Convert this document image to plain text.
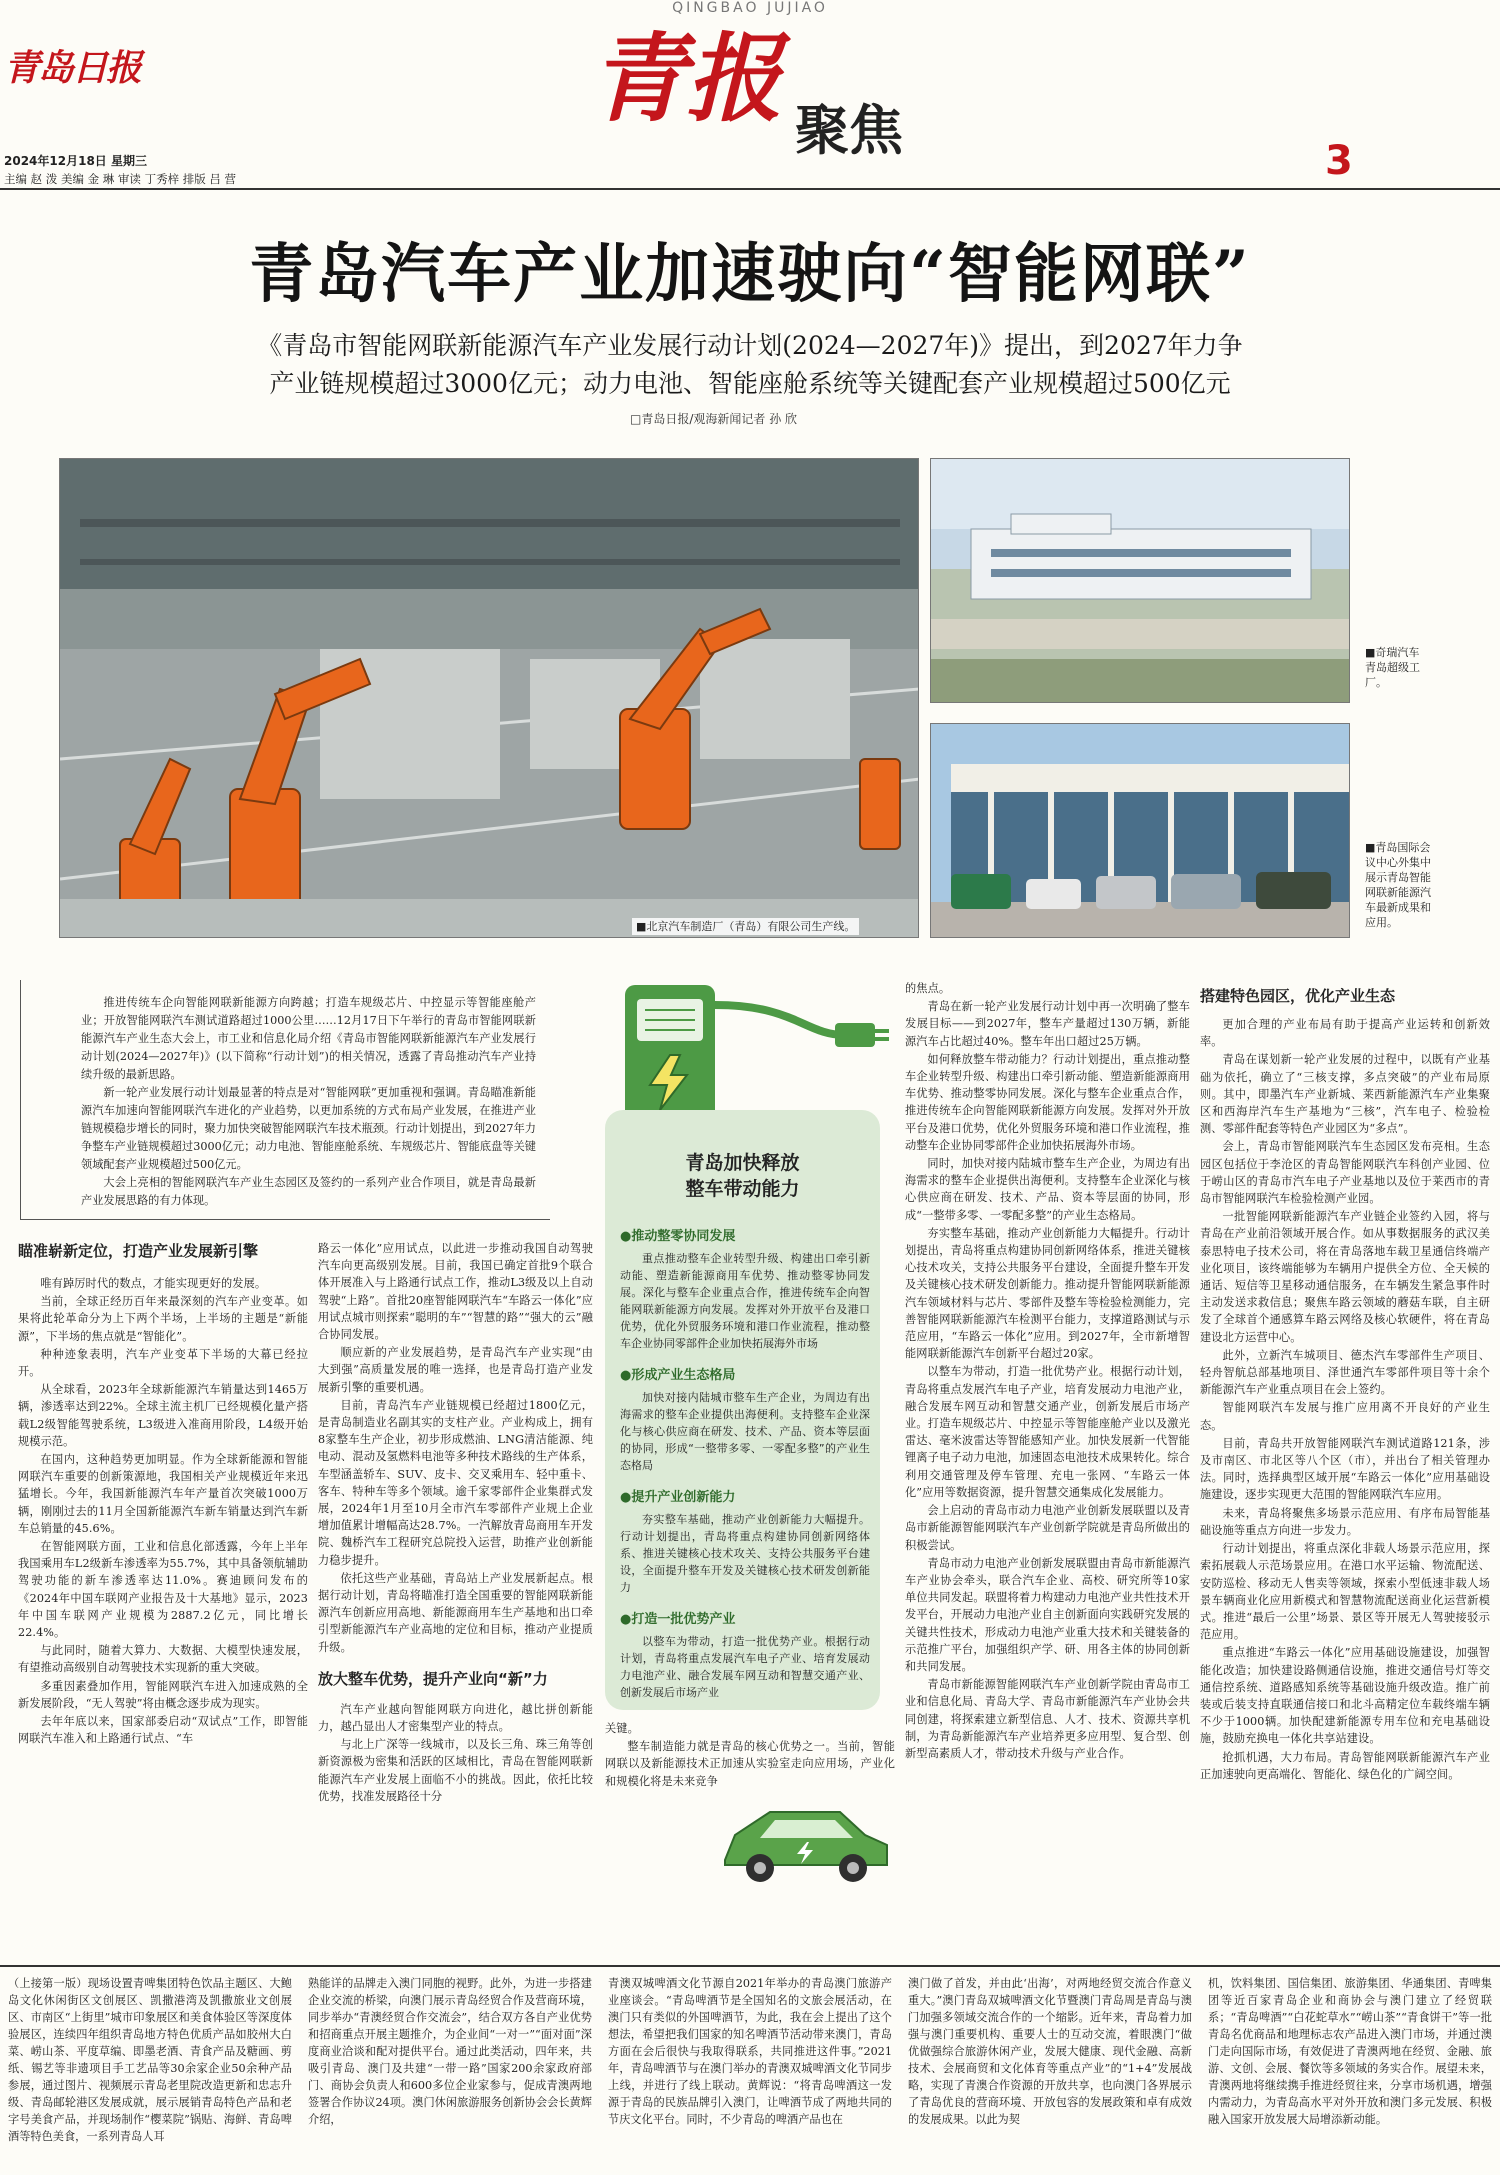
QINGBAO JUJIAO
青岛日报
2024年12月18日 星期三
主编 赵 泼 美编 金 琳 审读 丁秀梓 排版 吕 营
青报 聚焦	3
青岛汽车产业加速驶向“智能网联”
《青岛市智能网联新能源汽车产业发展行动计划(2024—2027年)》提出，到2027年力争
产业链规模超过3000亿元；动力电池、智能座舱系统等关键配套产业规模超过500亿元
□青岛日报/观海新闻记者 孙 欣
■北京汽车制造厂（青岛）有限公司生产线。
■奇瑞汽车青岛超级工厂。
■青岛国际会议中心外集中展示青岛智能网联新能源汽车最新成果和应用。

推进传统车企向智能网联新能源方向跨越；打造车规级芯片、中控显示等智能座舱产业；开放智能网联汽车测试道路超过1000公里……12月17日下午举行的青岛市智能网联新能源汽车产业生态大会上，市工业和信息化局介绍《青岛市智能网联新能源汽车产业发展行动计划(2024—2027年)》(以下简称“行动计划”)的相关情况，透露了青岛推动汽车产业持续升级的最新思路。

新一轮产业发展行动计划最显著的特点是对“智能网联”更加重视和强调。青岛瞄准新能源汽车加速向智能网联汽车进化的产业趋势，以更加系统的方式布局产业发展，在推进产业链规模稳步增长的同时，聚力加快突破智能网联汽车技术瓶颈。行动计划提出，到2027年力争整车产业链规模超过3000亿元；动力电池、智能座舱系统、车规级芯片、智能底盘等关键领域配套产业规模超过500亿元。

大会上亮相的智能网联汽车产业生态园区及签约的一系列产业合作项目，就是青岛最新产业发展思路的有力体现。

瞄准崭新定位，打造产业发展新引擎

唯有踔厉时代的数点，才能实现更好的发展。

当前，全球正经历百年来最深刻的汽车产业变革。如果将此轮革命分为上下两个半场，上半场的主题是“新能源”，下半场的焦点就是“智能化”。

种种迹象表明，汽车产业变革下半场的大幕已经拉开。

从全球看，2023年全球新能源汽车销量达到1465万辆，渗透率达到22%。全球主流主机厂已经规模化量产搭载L2级智能驾驶系统，L3级进入准商用阶段，L4级开始规模示范。

在国内，这种趋势更加明显。作为全球新能源和智能网联汽车重要的创新策源地，我国相关产业规模近年来迅猛增长。今年，我国新能源汽车年产量首次突破1000万辆，刚刚过去的11月全国新能源汽车新车销量达到汽车新车总销量的45.6%。

在智能网联方面，工业和信息化部透露，今年上半年我国乘用车L2级新车渗透率为55.7%，其中具备领航辅助驾驶功能的新车渗透率达11.0%。赛迪顾问发布的《2024年中国车联网产业报告及十大基地》显示，2023年中国车联网产业规模为2887.2亿元，同比增长22.4%。

与此同时，随着大算力、大数据、大模型快速发展，有望推动高级别自动驾驶技术实现新的重大突破。

多重因素叠加作用，智能网联汽车进入加速成熟的全新发展阶段，“无人驾驶”将由概念逐步成为现实。

去年年底以来，国家部委启动“双试点”工作，即智能网联汽车准入和上路通行试点、“车

路云一体化”应用试点，以此进一步推动我国自动驾驶汽车向更高级别发展。目前，我国已确定首批9个联合体开展准入与上路通行试点工作，推动L3级及以上自动驾驶“上路”。首批20座智能网联汽车“车路云一体化”应用试点城市则探索“聪明的车”“智慧的路”“强大的云”融合协同发展。

顺应新的产业发展趋势，是青岛汽车产业实现“由大到强”高质量发展的唯一选择，也是青岛打造产业发展新引擎的重要机遇。

目前，青岛汽车产业链规模已经超过1800亿元，是青岛制造业名副其实的支柱产业。产业构成上，拥有8家整车生产企业，初步形成燃油、LNG清洁能源、纯电动、混动及氢燃料电池等多种技术路线的生产体系，车型涵盖轿车、SUV、皮卡、交叉乘用车、轻中重卡、客车、特种车等多个领域。逾千家零部件企业集群式发展，2024年1月至10月全市汽车零部件产业规上企业增加值累计增幅高达28.7%。一汽解放青岛商用车开发院、魏桥汽车工程研究总院投入运营，助推产业创新能力稳步提升。

依托这些产业基础，青岛站上产业发展新起点。根据行动计划，青岛将瞄准打造全国重要的智能网联新能源汽车创新应用高地、新能源商用车生产基地和出口牵引型新能源汽车产业高地的定位和目标，推动产业提质升级。

放大整车优势，提升产业向“新”力

汽车产业越向智能网联方向进化，越比拼创新能力，越凸显出人才密集型产业的特点。

与北上广深等一线城市，以及长三角、珠三角等创新资源极为密集和活跃的区域相比，青岛在智能网联新能源汽车产业发展上面临不小的挑战。因此，依托比较优势，找准发展路径十分

青岛加快释放
整车带动能力
●推动整零协同发展
重点推动整车企业转型升级、构建出口牵引新动能、塑造新能源商用车优势、推动整零协同发展。深化与整车企业重点合作，推进传统车企向智能网联新能源方向发展。发挥对外开放平台及港口优势，优化外贸服务环境和港口作业流程，推动整车企业协同零部件企业加快拓展海外市场
●形成产业生态格局
加快对接内陆城市整车生产企业，为周边有出海需求的整车企业提供出海便利。支持整车企业深化与核心供应商在研发、技术、产品、资本等层面的协同，形成“一整带多零、一零配多整”的产业生态格局
●提升产业创新能力
夯实整车基础，推动产业创新能力大幅提升。行动计划提出，青岛将重点构建协同创新网络体系、推进关键核心技术攻关、支持公共服务平台建设，全面提升整车开发及关键核心技术研发创新能力
●打造一批优势产业
以整车为带动，打造一批优势产业。根据行动计划，青岛将重点发展汽车电子产业、培育发展动力电池产业、融合发展车网互动和智慧交通产业、创新发展后市场产业

关键。

整车制造能力就是青岛的核心优势之一。当前，智能网联以及新能源技术正加速从实验室走向应用场，产业化和规模化将是未来竞争

的焦点。

青岛在新一轮产业发展行动计划中再一次明确了整车发展目标——到2027年，整车产量超过130万辆，新能源汽车占比超过40%。整车年出口超过25万辆。

如何释放整车带动能力？行动计划提出，重点推动整车企业转型升级、构建出口牵引新动能、塑造新能源商用车优势、推动整零协同发展。深化与整车企业重点合作，推进传统车企向智能网联新能源方向发展。发挥对外开放平台及港口优势，优化外贸服务环境和港口作业流程，推动整车企业协同零部件企业加快拓展海外市场。

同时，加快对接内陆城市整车生产企业，为周边有出海需求的整车企业提供出海便利。支持整车企业深化与核心供应商在研发、技术、产品、资本等层面的协同，形成“一整带多零、一零配多整”的产业生态格局。

夯实整车基础，推动产业创新能力大幅提升。行动计划提出，青岛将重点构建协同创新网络体系，推进关键核心技术攻关，支持公共服务平台建设，全面提升整车开发及关键核心技术研发创新能力。推动提升智能网联新能源汽车领域材料与芯片、零部件及整车等检验检测能力，完善智能网联新能源汽车检测平台能力，支撑道路测试与示范应用，“车路云一体化”应用。到2027年，全市新增智能网联新能源汽车创新平台超过20家。

以整车为带动，打造一批优势产业。根据行动计划，青岛将重点发展汽车电子产业，培育发展动力电池产业，融合发展车网互动和智慧交通产业，创新发展后市场产业。打造车规级芯片、中控显示等智能座舱产业以及激光雷达、毫米波雷达等智能感知产业。加快发展新一代智能锂离子电子动力电池，加速固态电池技术成果转化。综合利用交通管理及停车管理、充电一张网、“车路云一体化”应用等数据资源，提升智慧交通集成化发展能力。

会上启动的青岛市动力电池产业创新发展联盟以及青岛市新能源智能网联汽车产业创新学院就是青岛所做出的积极尝试。

青岛市动力电池产业创新发展联盟由青岛市新能源汽车产业协会牵头，联合汽车企业、高校、研究所等10家单位共同发起。联盟将着力构建动力电池产业共性技术开发平台，开展动力电池产业自主创新面向实践研究发展的关键共性技术，形成动力电池产业重大技术和关键装备的示范推广平台，加强组织产学、研、用各主体的协同创新和共同发展。

青岛市新能源智能网联汽车产业创新学院由青岛市工业和信息化局、青岛大学、青岛市新能源汽车产业协会共同创建，将探索建立新型信息、人才、技术、资源共享机制，为青岛新能源汽车产业培养更多应用型、复合型、创新型高素质人才，带动技术升级与产业合作。

搭建特色园区，优化产业生态

更加合理的产业布局有助于提高产业运转和创新效率。

青岛在谋划新一轮产业发展的过程中，以既有产业基础为依托，确立了“三核支撑，多点突破”的产业布局原则。其中，即墨汽车产业新城、莱西新能源汽车产业集聚区和西海岸汽车生产基地为“三核”，汽车电子、检验检测、零部件配套等特色产业园区为“多点”。

会上，青岛市智能网联汽车生态园区发布亮相。生态园区包括位于李沧区的青岛智能网联汽车科创产业园、位于崂山区的青岛市汽车电子产业基地以及位于莱西市的青岛市智能网联汽车检验检测产业园。

一批智能网联新能源汽车产业链企业签约入园，将与青岛在产业前沿领域开展合作。如从事数据服务的武汉美泰思特电子技术公司，将在青岛落地车载卫星通信终端产业化项目，该终端能够为车辆用户提供全方位、全天候的通话、短信等卫星移动通信服务，在车辆发生紧急事件时主动发送求救信息；聚焦车路云领域的蘑菇车联，自主研发了全球首个通感算车路云网络及核心软硬件，将在青岛建设北方运营中心。

此外，立新汽车城项目、德杰汽车零部件生产项目、轻舟智航总部基地项目、泽世通汽车零部件项目等十余个新能源汽车产业重点项目在会上签约。

智能网联汽车发展与推广应用离不开良好的产业生态。

目前，青岛共开放智能网联汽车测试道路121条，涉及市南区、市北区等八个区（市），并出台了相关管理办法。同时，选择典型区域开展“车路云一体化”应用基础设施建设，逐步实现更大范围的智能网联汽车应用。

未来，青岛将聚焦多场景示范应用、有序布局智能基础设施等重点方向进一步发力。

行动计划提出，将重点深化非载人场景示范应用，探索拓展载人示范场景应用。在港口水平运输、物流配送、安防巡检、移动无人售卖等领域，探索小型低速非载人场景车辆商业化应用新模式和智慧物流配送商业化运营新模式。推进“最后一公里”场景、景区等开展无人驾驶接驳示范应用。

重点推进“车路云一体化”应用基础设施建设，加强智能化改造；加快建设路侧通信设施，推进交通信号灯等交通信控系统、道路感知系统等基础设施升级改造。推广前装或后装支持直联通信接口和北斗高精定位车载终端车辆不少于1000辆。加快配建新能源专用车位和充电基础设施，鼓励充换电一体化共享站建设。

抢抓机遇，大力布局。青岛智能网联新能源汽车产业正加速驶向更高端化、智能化、绿色化的广阔空间。

（上接第一版）现场设置青啤集团特色饮品主题区、大鲍岛文化休闲街区文创展区、凯撒港湾及凯撒旅业文创展区、市南区“上街里”城市印象展区和美食体验区等深度体验展区，连续四年组织青岛地方特色优质产品如胶州大白菜、崂山茶、平度草编、即墨老酒、青食产品及糖画、剪纸、锡艺等非遗项目手工艺品等30余家企业50余种产品参展，通过图片、视频展示青岛老里院改造更新和忠志升级、青岛邮轮港区发展成就，展示展销青岛特色产品和老字号美食产品，并现场制作“樱菜院”锅贴、海鲜、青岛啤酒等特色美食，一系列青岛人耳
熟能详的品牌走入澳门同胞的视野。此外，为进一步搭建企业交流的桥梁，向澳门展示青岛经贸合作及营商环境，同步举办“青澳经贸合作交流会”，结合双方各自产业优势和招商重点开展主题推介，为企业间“一对一”“面对面”深度商业洽谈和配对提供平台。通过此类活动，四年来，共吸引青岛、澳门及共建“一带一路”国家200余家政府部门、商协会负责人和600多位企业家参与，促成青澳两地签署合作协议24项。澳门休闲旅游服务创新协会会长黄辉介绍，
青澳双城啤酒文化节源自2021年举办的青岛澳门旅游产业座谈会。“青岛啤酒节是全国知名的文旅会展活动，在澳门只有类似的外国啤酒节，为此，我在会上提出了这个想法，希望把我们国家的知名啤酒节活动带来澳门，青岛方面在会后很快与我取得联系，共同推进这件事。”2021年，青岛啤酒节与在澳门举办的青澳双城啤酒文化节同步上线，并进行了线上联动。黄辉说：“将青岛啤酒这一发源于青岛的民族品牌引入澳门，让啤酒节成了两地共同的节庆文化平台。同时，不少青岛的啤酒产品也在
澳门做了首发，并由此‘出海’，对两地经贸交流合作意义重大。”澳门青岛双城啤酒文化节暨澳门青岛周是青岛与澳门加强多领域交流合作的一个缩影。近年来，青岛着力加强与澳门重要机构、重要人士的互动交流，着眼澳门“做优做强综合旅游休闲产业，发展大健康、现代金融、高新技术、会展商贸和文化体育等重点产业”的“1+4”发展战略，实现了青澳合作资源的开放共享，也向澳门各界展示了青岛优良的营商环境、开放包容的发展政策和卓有成效的发展成果。以此为契
机，饮料集团、国信集团、旅游集团、华通集团、青啤集团等近百家青岛企业和商协会与澳门建立了经贸联系；“青岛啤酒”“白花蛇草水”“崂山茶”“青食饼干”等一批青岛名优商品和地理标志农产品进入澳门市场，并通过澳门走向国际市场，有效促进了青澳两地在经贸、金融、旅游、文创、会展、餐饮等多领域的务实合作。展望未来，青澳两地将继续携手推进经贸往来，分享市场机遇，增强内需动力，为青岛高水平对外开放和澳门多元发展、积极融入国家开放发展大局增添新动能。
